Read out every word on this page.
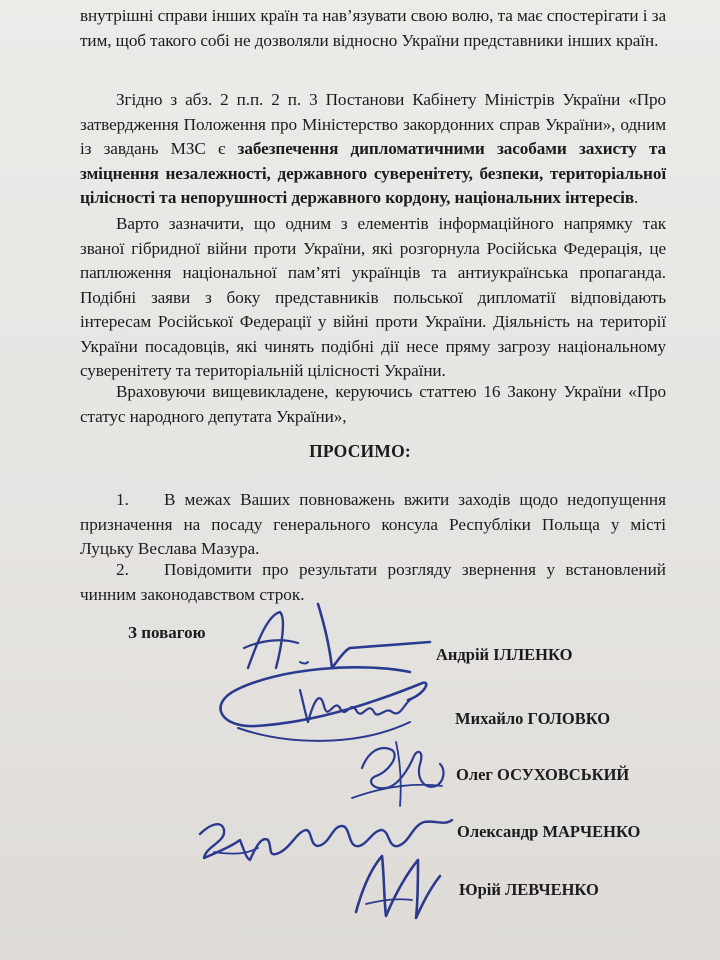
внутрішні справи інших країн та нав’язувати свою волю, та має спостерігати і за тим, щоб такого собі не дозволяли відносно України представники інших країн.

Згідно з абз. 2 п.п. 2 п. 3 Постанови Кабінету Міністрів України «Про затвердження Положення про Міністерство закордонних справ України», одним із завдань МЗС є забезпечення дипломатичними засобами захисту та зміцнення незалежності, державного суверенітету, безпеки, територіальної цілісності та непорушності державного кордону, національних інтересів.

Варто зазначити, що одним з елементів інформаційного напрямку так званої гібридної війни проти України, які розгорнула Російська Федерація, це паплюження національної пам’яті українців та антиукраїнська пропаганда. Подібні заяви з боку представників польської дипломатії відповідають інтересам Російської Федерації у війні проти України. Діяльність на території України посадовців, які чинять подібні дії несе пряму загрозу національному суверенітету та територіальній цілісності України.

Враховуючи вищевикладене, керуючись статтею 16 Закону України «Про статус народного депутата України»,

ПРОСИМО:
1. В межах Ваших повноважень вжити заходів щодо недопущення призначення на посаду генерального консула Республіки Польща у місті Луцьку Веслава Мазура.
2. Повідомити про результати розгляду звернення у встановлений чинним законодавством строк.
З повагою
Андрій ІЛЛЕНКО
Михайло ГОЛОВКО
Олег ОСУХОВСЬКИЙ
Олександр МАРЧЕНКО
Юрій ЛЕВЧЕНКО
